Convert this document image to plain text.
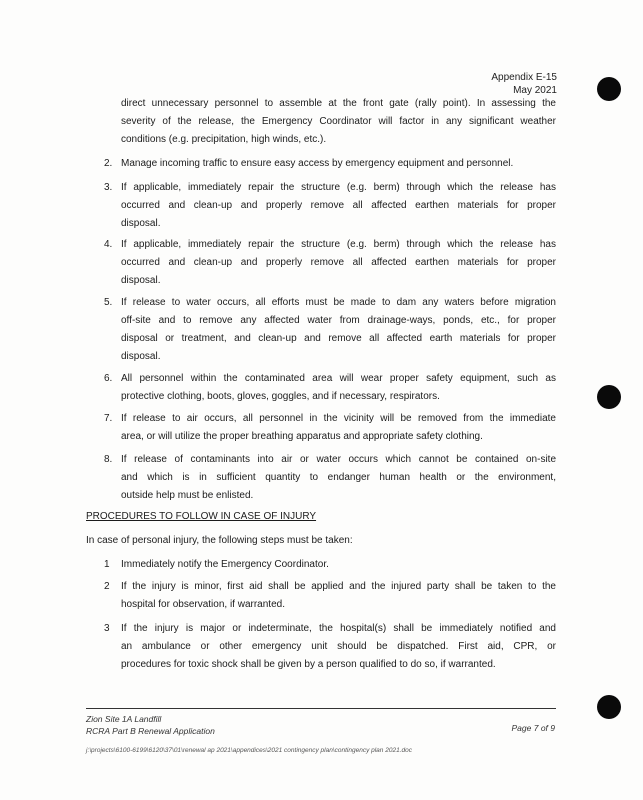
Appendix E-15
May 2021
direct unnecessary personnel to assemble at the front gate (rally point). In assessing the
severity of the release, the Emergency Coordinator will factor in any significant weather
conditions (e.g. precipitation, high winds, etc.).
2. Manage incoming traffic to ensure easy access by emergency equipment and personnel.
3. If applicable, immediately repair the structure (e.g. berm) through which the release has
occurred and clean-up and properly remove all affected earthen materials for proper
disposal.
4. If applicable, immediately repair the structure (e.g. berm) through which the release has
occurred and clean-up and properly remove all affected earthen materials for proper
disposal.
5. If release to water occurs, all efforts must be made to dam any waters before migration
off-site and to remove any affected water from drainage-ways, ponds, etc., for proper
disposal or treatment, and clean-up and remove all affected earth materials for proper
disposal.
6. All personnel within the contaminated area will wear proper safety equipment, such as
protective clothing, boots, gloves, goggles, and if necessary, respirators.
7. If release to air occurs, all personnel in the vicinity will be removed from the immediate
area, or will utilize the proper breathing apparatus and appropriate safety clothing.
8. If release of contaminants into air or water occurs which cannot be contained on-site
and which is in sufficient quantity to endanger human health or the environment,
outside help must be enlisted.
PROCEDURES TO FOLLOW IN CASE OF INJURY
In case of personal injury, the following steps must be taken:
1 Immediately notify the Emergency Coordinator.
2 If the injury is minor, first aid shall be applied and the injured party shall be taken to the
hospital for observation, if warranted.
3 If the injury is major or indeterminate, the hospital(s) shall be immediately notified and
an ambulance or other emergency unit should be dispatched. First aid, CPR, or
procedures for toxic shock shall be given by a person qualified to do so, if warranted.
Zion Site 1A Landfill
RCRA Part B Renewal Application	Page 7 of 9
j:\projects\6100-6199\6120\37\01\renewal ap 2021\appendices\2021 contingency plan\contingency plan 2021.doc
